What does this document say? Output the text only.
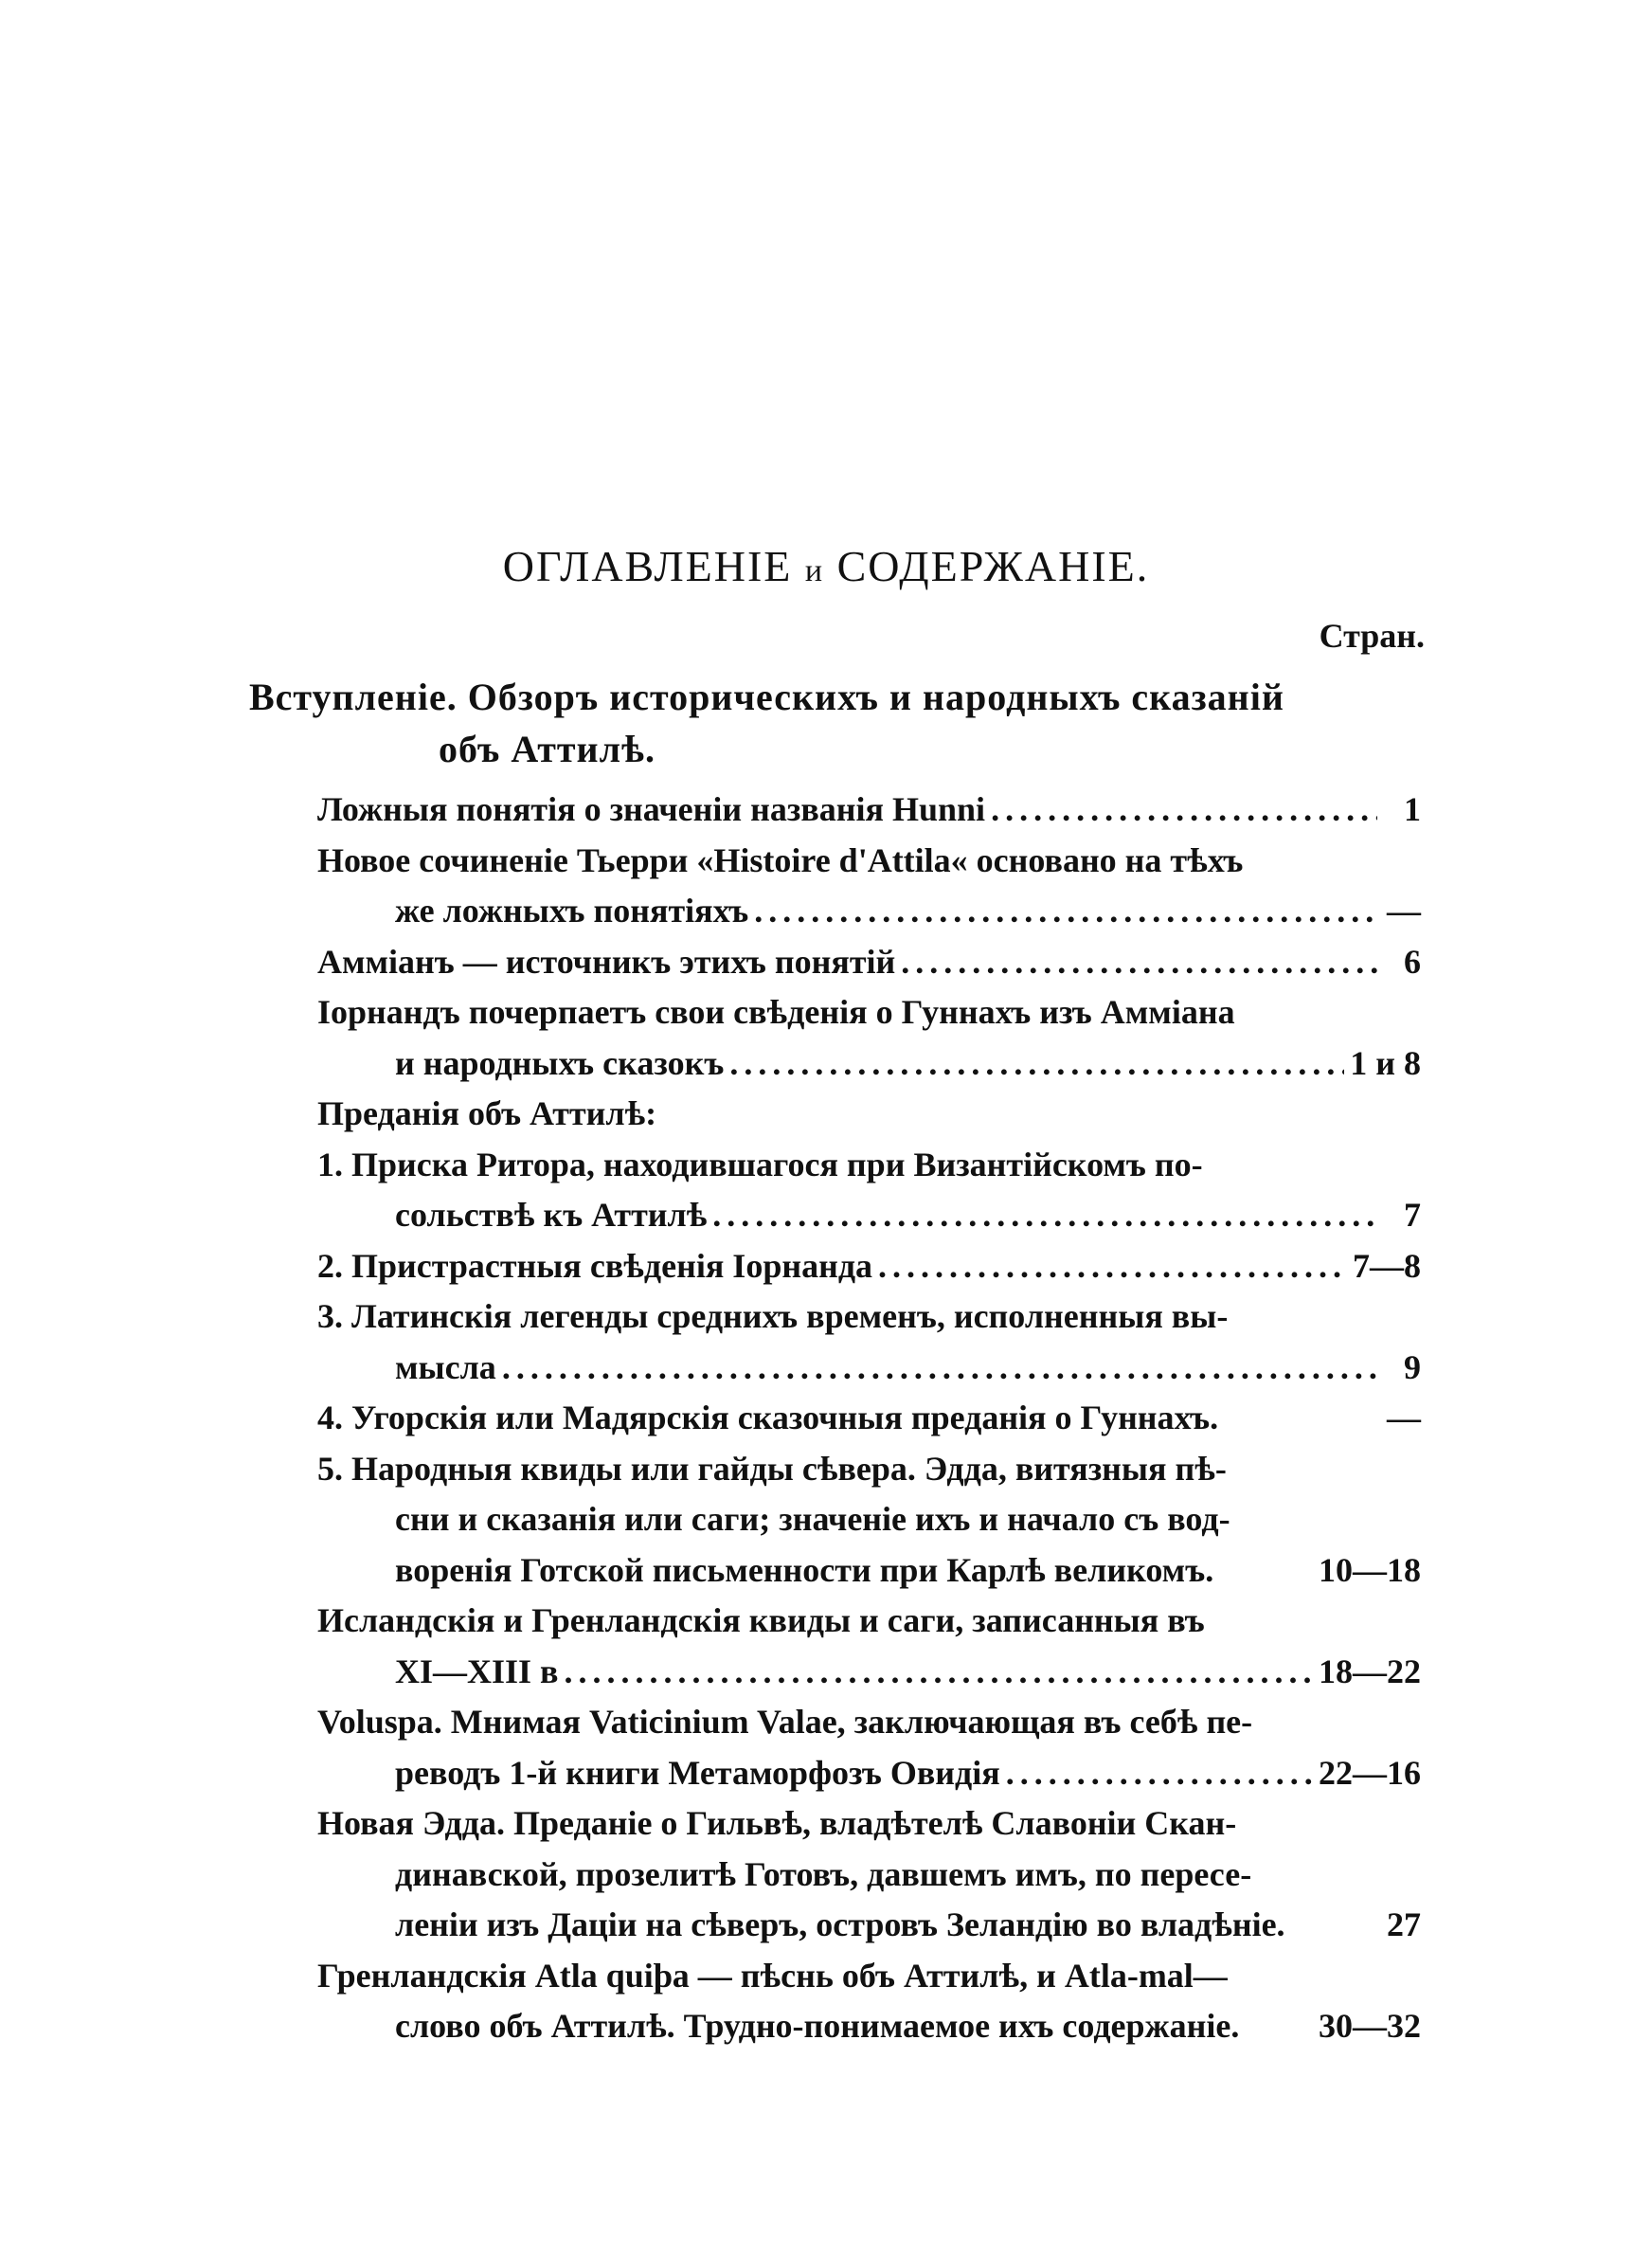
ОГЛАВЛЕНІЕ и СОДЕРЖАНІЕ.
Стран.
Вступленіе. Обзоръ историческихъ и народныхъ сказаній
объ Аттилѣ.
Ложныя понятія о значеніи названія Hunni .....	1
Новое сочиненіе Тьерри «Histoire d'Attila« основано на тѣхъ
же ложныхъ понятіяхъ .....	—
Амміанъ — источникъ этихъ понятій .....	6
Іорнандъ почерпаетъ свои свѣденія о Гуннахъ изъ Амміана
и народныхъ сказокъ .....	1 и 8
Преданія объ Аттилѣ:
1. Приска Ритора, находившагося при Византійскомъ по-
сольствѣ къ Аттилѣ .....	7
2. Пристрастныя свѣденія Іорнанда .....	7—8
3. Латинскія легенды среднихъ временъ, исполненныя вы-
мысла .....	9
4. Угорскія или Мадярскія сказочныя преданія о Гуннахъ.	—
5. Народныя квиды или гайды сѣвера. Эдда, витязныя пѣ-
сни и сказанія или саги; значеніе ихъ и начало съ вод-
воренія Готской письменности при Карлѣ великомъ.	10—18
Исландскія и Гренландскія квиды и саги, записанныя въ
XI—XIII в .....	18—22
Voluspa. Мнимая Vaticinium Valae, заключающая въ себѣ пе-
реводъ 1-й книги Метаморфозъ Овидія .....	22—16
Новая Эдда. Преданіе о Гильвѣ, владѣтелѣ Славоніи Скан-
динавской, прозелитѣ Готовъ, давшемъ имъ, по пересе-
леніи изъ Даціи на сѣверъ, островъ Зеландію во владѣніе.	27
Гренландскія Atla quiþa — пѣснь объ Аттилѣ, и Atla-mal—
слово объ Аттилѣ. Трудно-понимаемое ихъ содержаніе. 30—32
